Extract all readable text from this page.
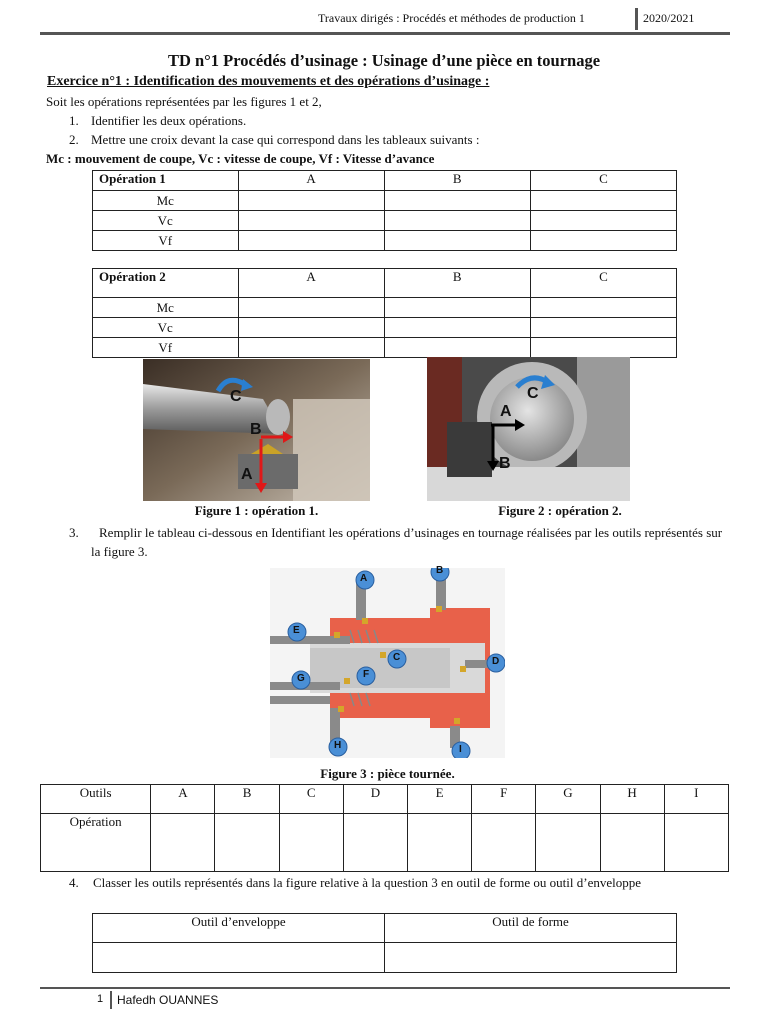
Travaux dirigés : Procédés et méthodes de production 1	2020/2021
TD n°1 Procédés d’usinage : Usinage d’une pièce en tournage
Exercice n°1 : Identification des mouvements et des opérations d’usinage :
Soit les opérations représentées par les figures 1 et 2,
1. Identifier les deux opérations.
2. Mettre une croix devant la case qui correspond dans les tableaux suivants :
Mc : mouvement de coupe, Vc : vitesse de coupe, Vf : Vitesse d’avance
Opération 1	A	B	C
Mc			
Vc			
Vf			
Opération 2	A	B	C
Mc			
Vc			
Vf			
C
B
A
Figure 1 : opération 1.
C
A
B
Figure 2 : opération 2.
3.	Remplir le tableau ci-dessous en Identifiant les opérations d’usinages en tournage réalisées par les outils représentés sur la figure 3.
A
B
E
C	D
G	F
H	I
Figure 3 : pièce tournée.
Outils	A	B	C	D	E	F	G	H	I
Opération									
4. Classer les outils représentés dans la figure relative à la question 3 en outil de forme ou outil d’enveloppe
Outil d’enveloppe	Outil de forme

1 Hafedh OUANNES
